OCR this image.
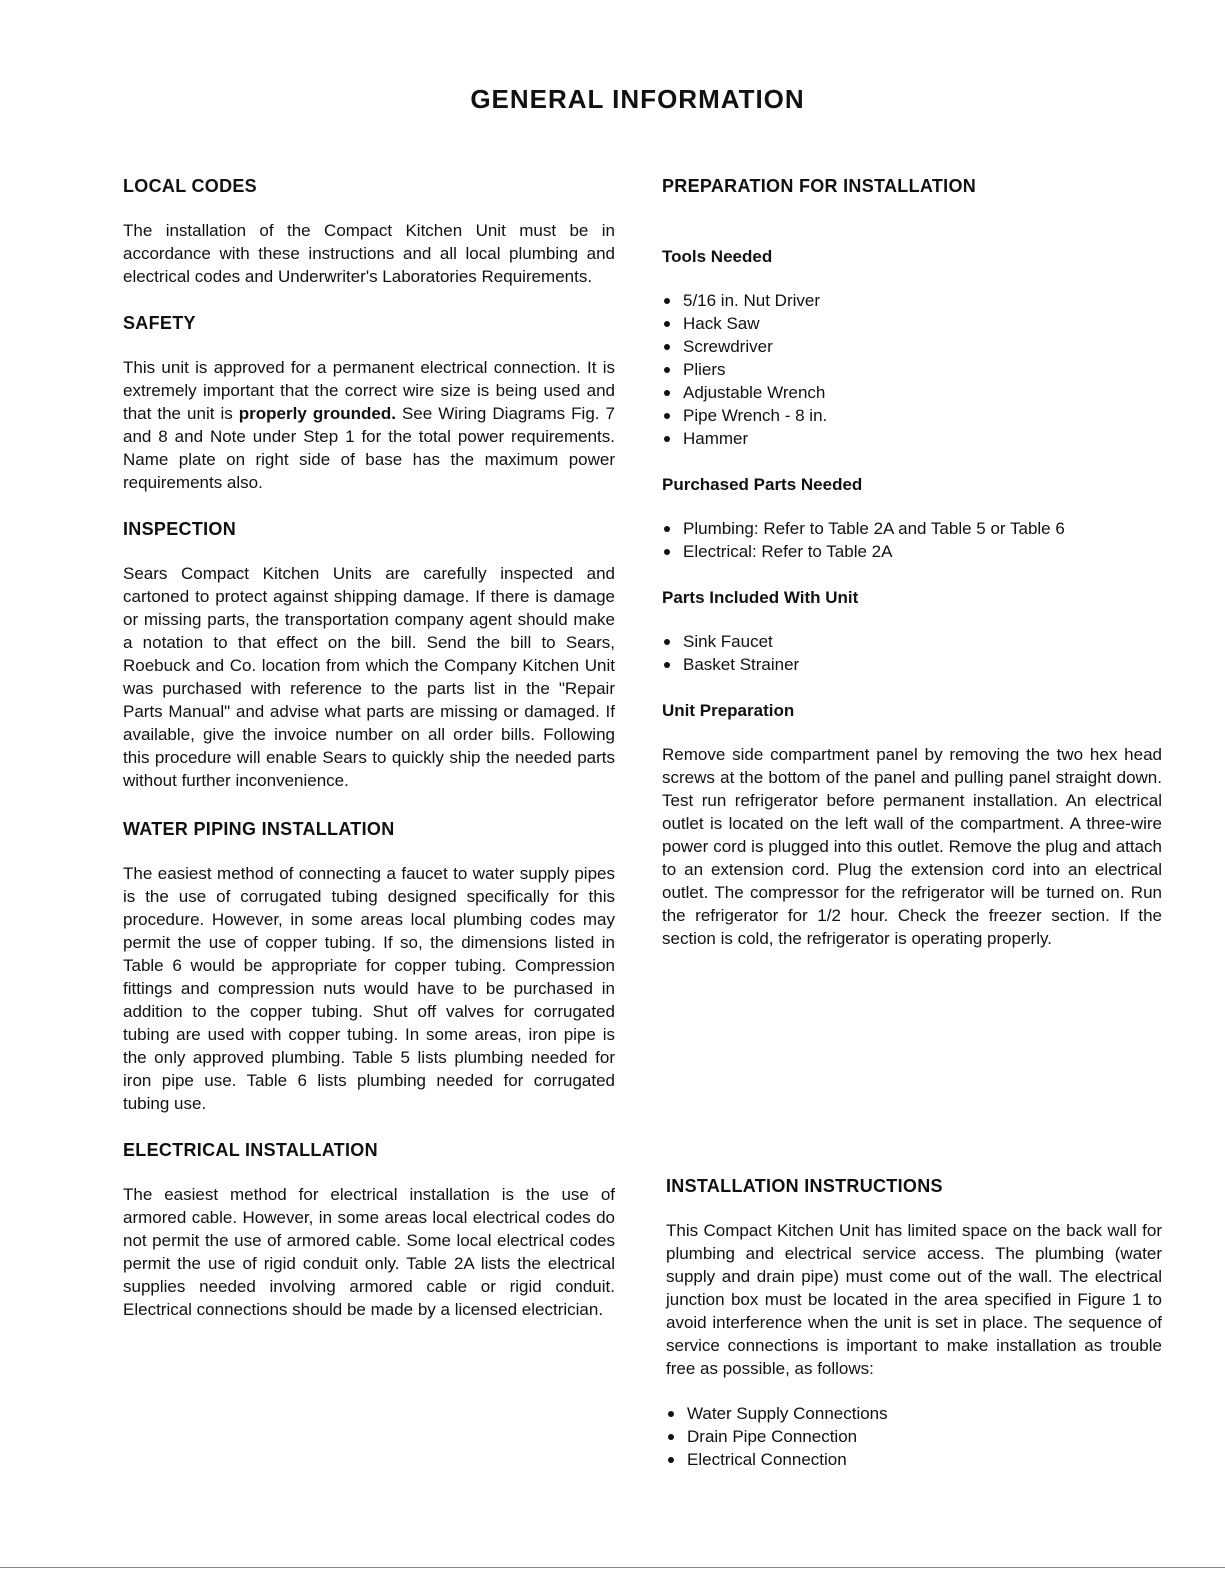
GENERAL INFORMATION
LOCAL CODES

The installation of the Compact Kitchen Unit must be in accordance with these instructions and all local plumbing and electrical codes and Underwriter's Laboratories Requirements.

SAFETY

This unit is approved for a permanent electrical connection. It is extremely important that the correct wire size is being used and that the unit is properly grounded. See Wiring Diagrams Fig. 7 and 8 and Note under Step 1 for the total power requirements. Name plate on right side of base has the maximum power requirements also.

INSPECTION

Sears Compact Kitchen Units are carefully inspected and cartoned to protect against shipping damage. If there is damage or missing parts, the transportation company agent should make a notation to that effect on the bill. Send the bill to Sears, Roebuck and Co. location from which the Company Kitchen Unit was purchased with reference to the parts list in the "Repair Parts Manual" and advise what parts are missing or damaged. If available, give the invoice number on all order bills. Following this procedure will enable Sears to quickly ship the needed parts without further inconvenience.

WATER PIPING INSTALLATION

The easiest method of connecting a faucet to water supply pipes is the use of corrugated tubing designed specifically for this procedure. However, in some areas local plumbing codes may permit the use of copper tubing. If so, the dimensions listed in Table 6 would be appropriate for copper tubing. Compression fittings and compression nuts would have to be purchased in addition to the copper tubing. Shut off valves for corrugated tubing are used with copper tubing. In some areas, iron pipe is the only approved plumbing. Table 5 lists plumbing needed for iron pipe use. Table 6 lists plumbing needed for corrugated tubing use.

ELECTRICAL INSTALLATION

The easiest method for electrical installation is the use of armored cable. However, in some areas local electrical codes do not permit the use of armored cable. Some local electrical codes permit the use of rigid conduit only. Table 2A lists the electrical supplies needed involving armored cable or rigid conduit. Electrical connections should be made by a licensed electrician.

PREPARATION FOR INSTALLATION
Tools Needed
5/16 in. Nut Driver
Hack Saw
Screwdriver
Pliers
Adjustable Wrench
Pipe Wrench - 8 in.
Hammer
Purchased Parts Needed
Plumbing: Refer to Table 2A and Table 5 or Table 6
Electrical: Refer to Table 2A
Parts Included With Unit
Sink Faucet
Basket Strainer
Unit Preparation

Remove side compartment panel by removing the two hex head screws at the bottom of the panel and pulling panel straight down. Test run refrigerator before permanent installation. An electrical outlet is located on the left wall of the compartment. A three-wire power cord is plugged into this outlet. Remove the plug and attach to an extension cord. Plug the extension cord into an electrical outlet. The compressor for the refrigerator will be turned on. Run the refrigerator for 1/2 hour. Check the freezer section. If the section is cold, the refrigerator is operating properly.

INSTALLATION INSTRUCTIONS

This Compact Kitchen Unit has limited space on the back wall for plumbing and electrical service access. The plumbing (water supply and drain pipe) must come out of the wall. The electrical junction box must be located in the area specified in Figure 1 to avoid interference when the unit is set in place. The sequence of service connections is important to make installation as trouble free as possible, as follows:

Water Supply Connections
Drain Pipe Connection
Electrical Connection
